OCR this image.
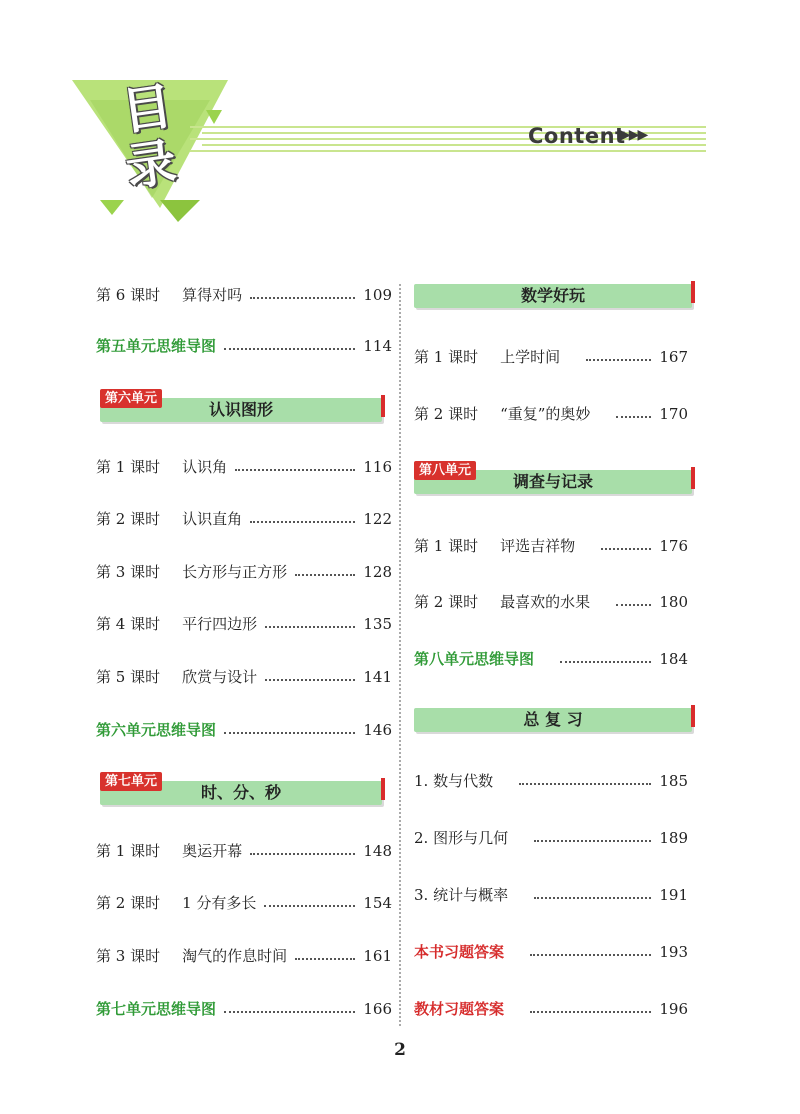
目
录	Content
▶▶▶
第 6 课时 算得对吗	109
第五单元思维导图	114
认识图形
第六单元
第 1 课时 认识角	116
第 2 课时 认识直角	122
第 3 课时 长方形与正方形	128
第 4 课时 平行四边形	135
第 5 课时 欣赏与设计	141
第六单元思维导图	146
时、分、秒
第七单元
第 1 课时 奥运开幕	148
第 2 课时 1 分有多长	154
第 3 课时 淘气的作息时间	161
第七单元思维导图	166
数学好玩
第 1 课时 上学时间	167
第 2 课时 “重复”的奥妙	170
调查与记录
第八单元
第 1 课时 评选吉祥物	176
第 2 课时 最喜欢的水果	180
第八单元思维导图	184
总 复 习
1. 数与代数	185
2. 图形与几何	189
3. 统计与概率	191
本书习题答案	193
教材习题答案	196
2
